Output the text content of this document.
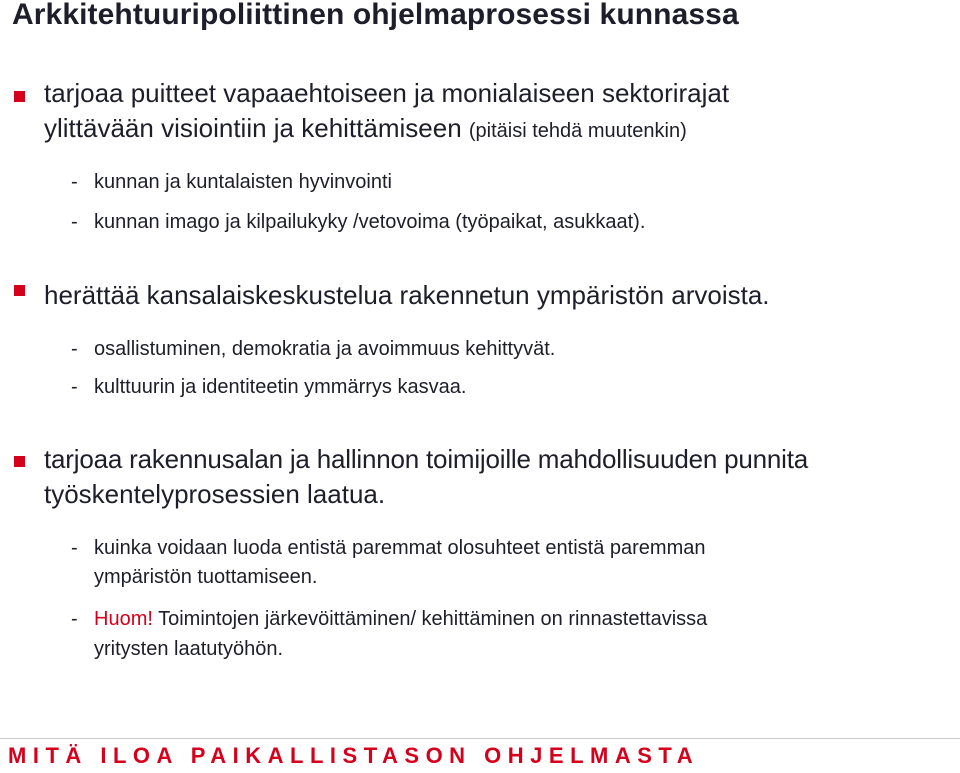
Arkkitehtuuripoliittinen ohjelmaprosessi kunnassa

tarjoaa puitteet vapaaehtoiseen ja monialaiseen sektorirajat

ylittävään visiointiin ja kehittämiseen (pitäisi tehdä muutenkin)

- kunnan ja kuntalaisten hyvinvointi
- kunnan imago ja kilpailukyky /vetovoima (työpaikat, asukkaat).

herättää kansalaiskeskustelua rakennetun ympäristön arvoista.

- osallistuminen, demokratia ja avoimmuus kehittyvät.
- kulttuurin ja identiteetin ymmärrys kasvaa.

tarjoaa rakennusalan ja hallinnon toimijoille mahdollisuuden punnita

työskentelyprosessien laatua.

- kuinka voidaan luoda entistä paremmat olosuhteet entistä paremman
ympäristön tuottamiseen.
- Huom! Toimintojen järkevöittäminen/ kehittäminen on rinnastettavissa
yritysten laatutyöhön.
MITÄ ILOA PAIKALLISTASON OHJELMASTA
